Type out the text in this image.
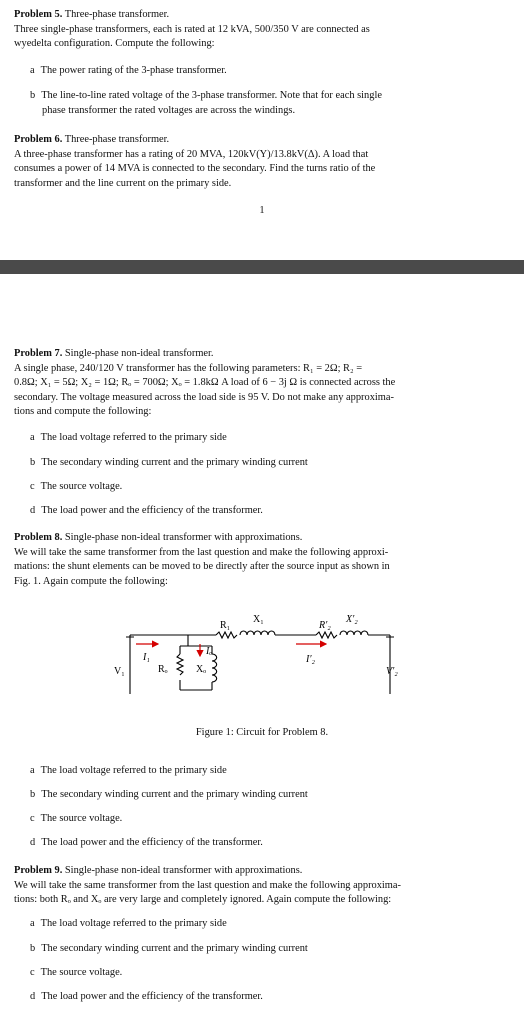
Problem 5. Three-phase transformer.
Three single-phase transformers, each is rated at 12 kVA, 500/350 V are connected as
wyedelta configuration. Compute the following:
a The power rating of the 3-phase transformer.
b The line-to-line rated voltage of the 3-phase transformer. Note that for each single
phase transformer the rated voltages are across the windings.
Problem 6. Three-phase transformer.
A three-phase transformer has a rating of 20 MVA, 120kV(Y)/13.8kV(Δ). A load that
consumes a power of 14 MVA is connected to the secondary. Find the turns ratio of the
transformer and the line current on the primary side.
1
Problem 7. Single-phase non-ideal transformer.
A single phase, 240/120 V transformer has the following parameters: R₁ = 2Ω; R₂ =
0.8Ω; X₁ = 5Ω; X₂ = 1Ω; Rₒ = 700Ω; Xₒ = 1.8kΩ A load of 6 − 3j Ω is connected across the
secondary. The voltage measured across the load side is 95 V. Do not make any approxima-
tions and compute the following:
a The load voltage referred to the primary side
b The secondary winding current and the primary winding current
c The source voltage.
d The load power and the efficiency of the transformer.
Problem 8. Single-phase non-ideal transformer with approximations.
We will take the same transformer from the last question and make the following approxi-
mations: the shunt elements can be moved to be directly after the source input as shown in
Fig. 1. Again compute the following:
R₁
X₁
R′₂
X′₂
V₁	V′₂
I₁
Iₒ
I′₂
Rₒ	Xₒ
Figure 1: Circuit for Problem 8.
a The load voltage referred to the primary side
b The secondary winding current and the primary winding current
c The source voltage.
d The load power and the efficiency of the transformer.
Problem 9. Single-phase non-ideal transformer with approximations.
We will take the same transformer from the last question and make the following approxima-
tions: both Rₒ and Xₒ are very large and completely ignored. Again compute the following:
a The load voltage referred to the primary side
b The secondary winding current and the primary winding current
c The source voltage.
d The load power and the efficiency of the transformer.
